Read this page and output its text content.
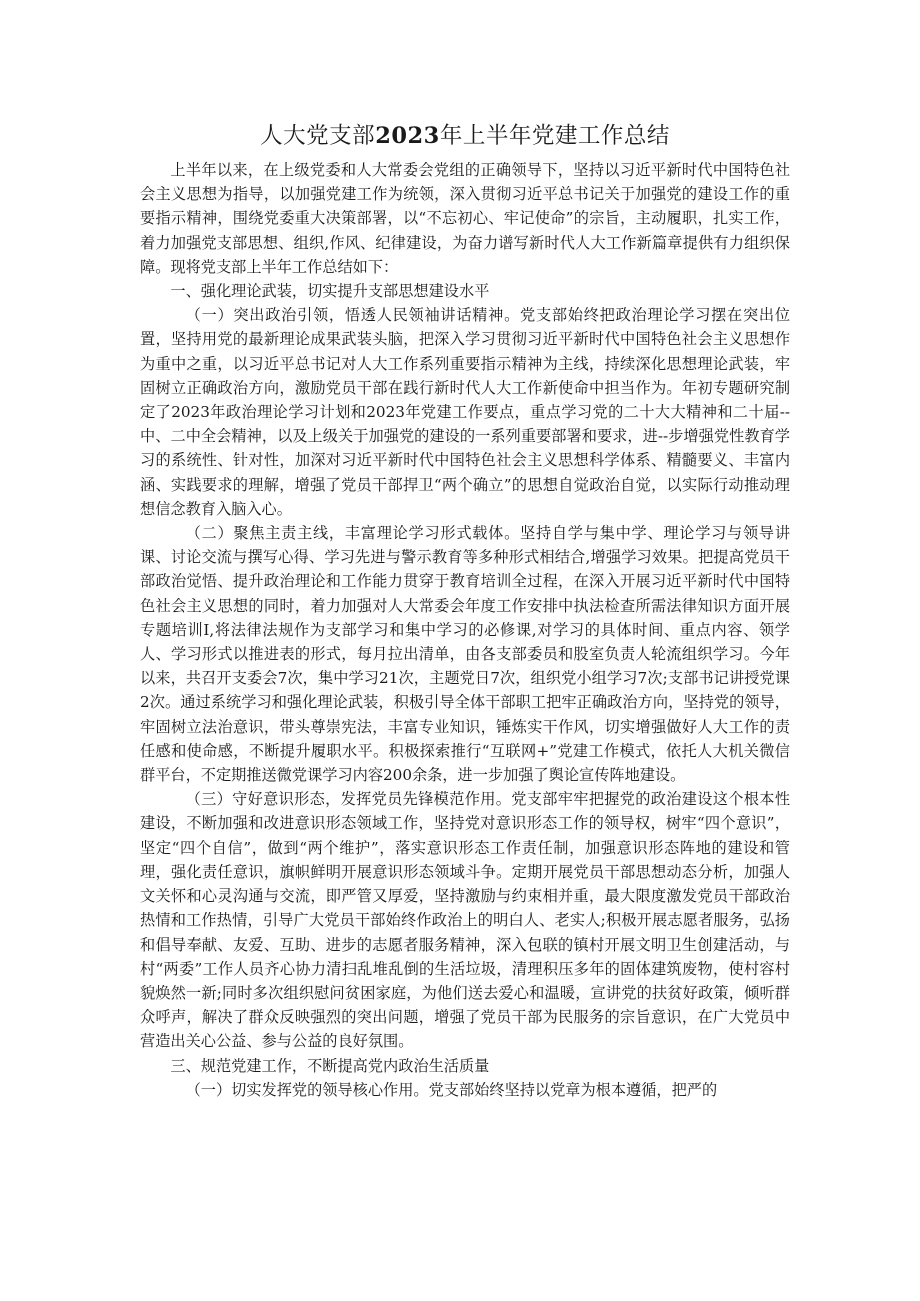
人大党支部2023年上半年党建工作总结

上半年以来，在上级党委和人大常委会党组的正确领导下，坚持以习近平新时代中国特色社会主义思想为指导，以加强党建工作为统领，深入贯彻习近平总书记关于加强党的建设工作的重要指示精神，围绕党委重大决策部署，以“不忘初心、牢记使命”的宗旨，主动履职，扎实工作，着力加强党支部思想、组织,作风、纪律建设，为奋力谱写新时代人大工作新篇章提供有力组织保障。现将党支部上半年工作总结如下：

一、强化理论武装，切实提升支部思想建设水平

（一）突出政治引领，悟透人民领袖讲话精神。党支部始终把政治理论学习摆在突出位置，坚持用党的最新理论成果武装头脑，把深入学习贯彻习近平新时代中国特色社会主义思想作为重中之重，以习近平总书记对人大工作系列重要指示精神为主线，持续深化思想理论武装，牢固树立正确政治方向，激励党员干部在践行新时代人大工作新使命中担当作为。年初专题研究制定了2023年政治理论学习计划和2023年党建工作要点，重点学习党的二十大大精神和二十届--中、二中全会精神，以及上级关于加强党的建设的一系列重要部署和要求，进--步增强党性教育学习的系统性、针对性，加深对习近平新时代中国特色社会主义思想科学体系、精髓要义、丰富内涵、实践要求的理解，增强了党员干部捍卫“两个确立”的思想自觉政治自觉，以实际行动推动理想信念教育入脑入心。

（二）聚焦主责主线，丰富理论学习形式载体。坚持自学与集中学、理论学习与领导讲课、讨论交流与撰写心得、学习先进与警示教育等多种形式相结合,增强学习效果。把提高党员干部政治觉悟、提升政治理论和工作能力贯穿于教育培训全过程，在深入开展习近平新时代中国特色社会主义思想的同时，着力加强对人大常委会年度工作安排中执法检查所需法律知识方面开展专题培训I,将法律法规作为支部学习和集中学习的必修课,对学习的具体时间、重点内容、领学人、学习形式以推进表的形式，每月拉出清单，由各支部委员和股室负责人轮流组织学习。今年以来，共召开支委会7次，集中学习21次，主题党日7次，组织党小组学习7次;支部书记讲授党课2次。通过系统学习和强化理论武装，积极引导全体干部职工把牢正确政治方向，坚持党的领导，牢固树立法治意识，带头尊崇宪法，丰富专业知识，锤炼实干作风，切实增强做好人大工作的责任感和使命感，不断提升履职水平。积极探索推行“互联网+”党建工作模式，依托人大机关微信群平台，不定期推送微党课学习内容200余条，进一步加强了舆论宣传阵地建设。

（三）守好意识形态，发挥党员先锋模范作用。党支部牢牢把握党的政治建设这个根本性建设，不断加强和改进意识形态领域工作，坚持党对意识形态工作的领导权，树牢“四个意识”，坚定“四个自信”，做到“两个维护”，落实意识形态工作责任制，加强意识形态阵地的建设和管理，强化责任意识，旗帜鲜明开展意识形态领域斗争。定期开展党员干部思想动态分析，加强人文关怀和心灵沟通与交流，即严管又厚爱，坚持激励与约束相并重，最大限度激发党员干部政治热情和工作热情，引导广大党员干部始终作政治上的明白人、老实人;积极开展志愿者服务，弘扬和倡导奉献、友爱、互助、进步的志愿者服务精神，深入包联的镇村开展文明卫生创建活动，与村“两委”工作人员齐心协力清扫乱堆乱倒的生活垃圾，清理积压多年的固体建筑废物，使村容村貌焕然一新;同时多次组织慰问贫困家庭，为他们送去爱心和温暖，宣讲党的扶贫好政策，倾听群众呼声，解决了群众反映强烈的突出问题，增强了党员干部为民服务的宗旨意识，在广大党员中营造出关心公益、参与公益的良好氛围。

三、规范党建工作，不断提高党内政治生活质量

（一）切实发挥党的领导核心作用。党支部始终坚持以党章为根本遵循，把严的
